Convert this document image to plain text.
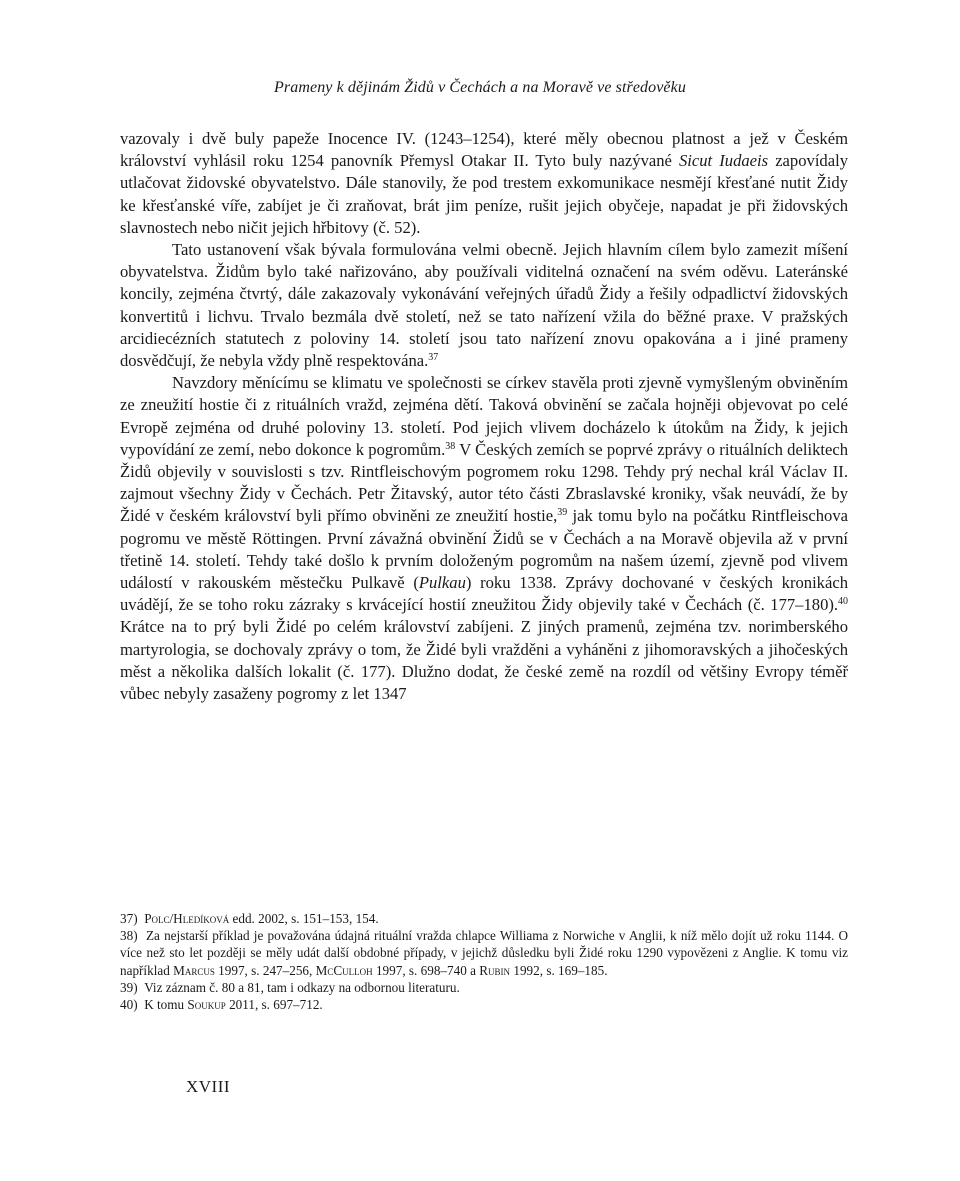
Prameny k dějinám Židů v Čechách a na Moravě ve středověku

vazovaly i dvě buly papeže Inocence IV. (1243–1254), které měly obecnou platnost a jež v Českém království vyhlásil roku 1254 panovník Přemysl Otakar II. Tyto buly nazývané Sicut Iudaeis zapovídaly utlačovat židovské obyvatelstvo. Dále stanovily, že pod trestem exkomunikace nesmějí křesťané nutit Židy ke křesťanské víře, zabíjet je či zraňovat, brát jim peníze, rušit jejich obyčeje, napadat je při židovských slavnostech nebo ničit jejich hřbitovy (č. 52).

Tato ustanovení však bývala formulována velmi obecně. Jejich hlavním cílem bylo zamezit míšení obyvatelstva. Židům bylo také nařizováno, aby používali viditelná označení na svém oděvu. Lateránské koncily, zejména čtvrtý, dále zakazovaly vykonávání veřejných úřadů Židy a řešily odpadlictví židovských konvertitů i lichvu. Trvalo bezmála dvě století, než se tato nařízení vžila do běžné praxe. V pražských arcidiecézních statutech z poloviny 14. století jsou tato nařízení znovu opakována a i jiné prameny dosvědčují, že nebyla vždy plně respektována.$^{37}$

Navzdory měnícímu se klimatu ve společnosti se církev stavěla proti zjevně vymyšleným obviněním ze zneužití hostie či z rituálních vražd, zejména dětí. Taková obvinění se začala hojněji objevovat po celé Evropě zejména od druhé poloviny 13. století. Pod jejich vlivem docházelo k útokům na Židy, k jejich vypovídání ze zemí, nebo dokonce k pogromům.$^{38}$ V Českých zemích se poprvé zprávy o rituálních deliktech Židů objevily v souvislosti s tzv. Rintfleischovým pogromem roku 1298. Tehdy prý nechal král Václav II. zajmout všechny Židy v Čechách. Petr Žitavský, autor této části Zbraslavské kroniky, však neuvádí, že by Židé v českém království byli přímo obviněni ze zneužití hostie,$^{39}$ jak tomu bylo na počátku Rintfleischova pogromu ve městě Röttingen. První závažná obvinění Židů se v Čechách a na Moravě objevila až v první třetině 14. století. Tehdy také došlo k prvním doloženým pogromům na našem území, zjevně pod vlivem událostí v rakouském městečku Pulkavě (Pulkau) roku 1338. Zprávy dochované v českých kronikách uvádějí, že se toho roku zázraky s krvácející hostií zneužitou Židy objevily také v Čechách (č. 177–180).$^{40}$ Krátce na to prý byli Židé po celém království zabíjeni. Z jiných pramenů, zejména tzv. norimberského martyrologia, se dochovaly zprávy o tom, že Židé byli vražděni a vyháněni z jihomoravských a jihočeských měst a několika dalších lokalit (č. 177). Dlužno dodat, že české země na rozdíl od většiny Evropy téměř vůbec nebyly zasaženy pogromy z let 1347

37) Polc/Hledíková edd. 2002, s. 151–153, 154.

38) Za nejstarší příklad je považována údajná rituální vražda chlapce Williama z Norwiche v Anglii, k níž mělo dojít už roku 1144. O více než sto let později se měly udát další obdobné případy, v jejichž důsledku byli Židé roku 1290 vypovězeni z Anglie. K tomu viz například Marcus 1997, s. 247–256, McCulloh 1997, s. 698–740 a Rubin 1992, s. 169–185.

39) Viz záznam č. 80 a 81, tam i odkazy na odbornou literaturu.

40) K tomu Soukup 2011, s. 697–712.

XVIII
